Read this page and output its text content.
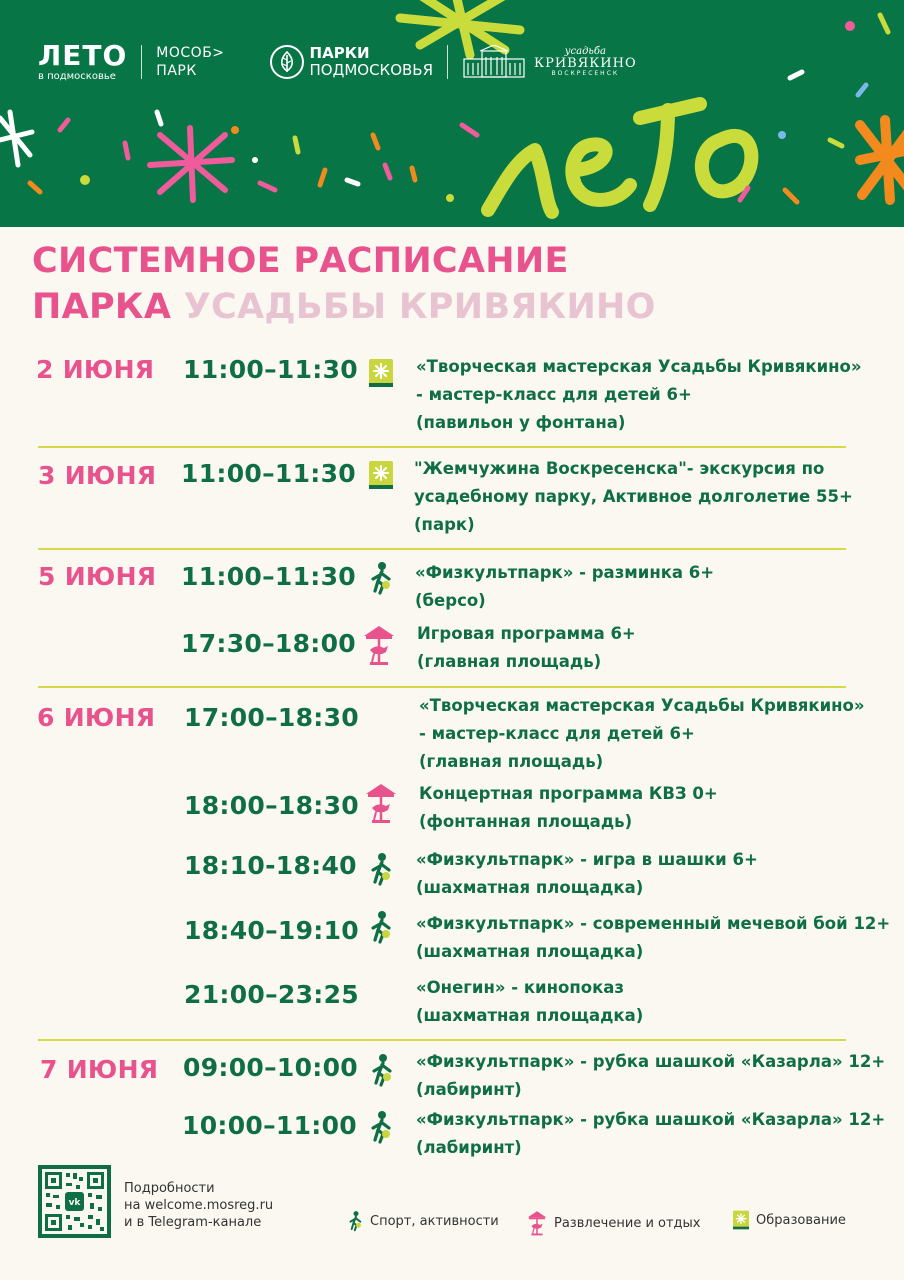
ЛЕТО
в подмосковье
МОСОБ>
ПАРК
ПАРКИ
ПОДМОСКОВЬЯ
усадьба
КРИВЯКИНО
ВОСКРЕСЕНСК
СИСТЕМНОЕ РАСПИСАНИЕ
ПАРКА УСАДЬБЫ КРИВЯКИНО
2 ИЮНЯ 11:00–11:30	«Творческая мастерская Усадьбы Кривякино»
- мастер-класс для детей 6+
(павильон у фонтана)
3 ИЮНЯ 11:00–11:30	"Жемчужина Воскресенска"- экскурсия по
усадебному парку, Активное долголетие 55+
(парк)
5 ИЮНЯ 11:00–11:30	«Физкультпарк» - разминка 6+
(берсо)
17:30–18:00	Игровая программа 6+
(главная площадь)
6 ИЮНЯ 17:00–18:30	«Творческая мастерская Усадьбы Кривякино»
- мастер-класс для детей 6+
(главная площадь)
18:00–18:30	Концертная программа КВЗ 0+
(фонтанная площадь)
18:10-18:40	«Физкультпарк» - игра в шашки 6+
(шахматная площадка)
18:40–19:10	«Физкультпарк» - современный мечевой бой 12+
(шахматная площадка)
21:00–23:25	«Онегин» - кинопоказ
(шахматная площадка)
7 ИЮНЯ 09:00–10:00	«Физкультпарк» - рубка шашкой «Казарла» 12+
(лабиринт)
10:00–11:00	«Физкультпарк» - рубка шашкой «Казарла» 12+
(лабиринт)
vk
Подробности
на welcome.mosreg.ru
и в Telegram-канале	Спорт, активности	Развлечение и отдых	Образование
